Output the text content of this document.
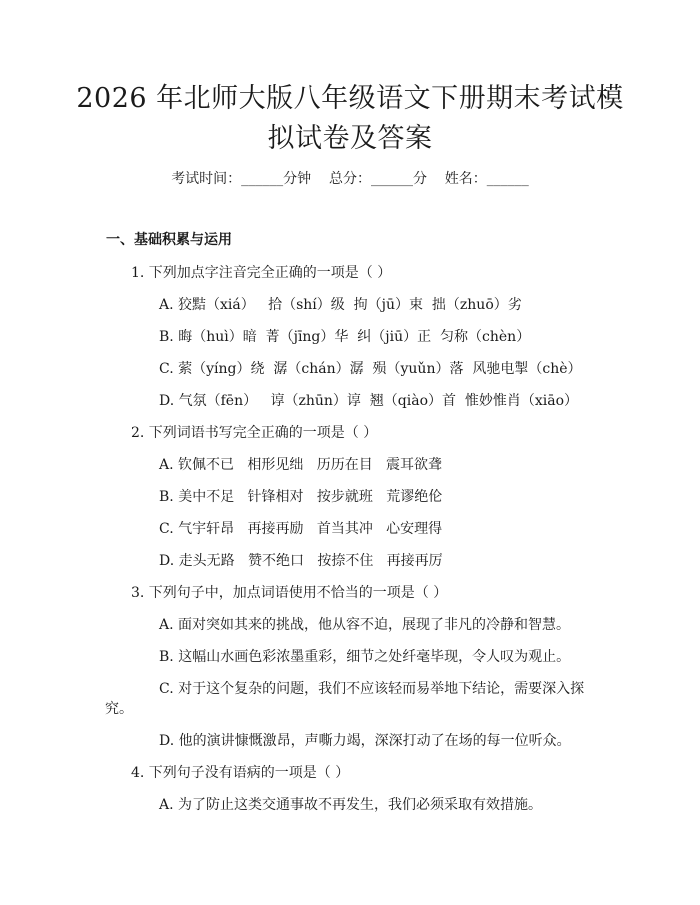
2026 年北师大版八年级语文下册期末考试模
拟试卷及答案
考试时间：______分钟    总分：______分    姓名：______
一、基础积累与运用
1. 下列加点字注音完全正确的一项是（ ）
A. 狡黠（xiá）   拾（shí）级  拘（jū）束  拙（zhuō）劣
B. 晦（huì）暗  菁（jīng）华  纠（jiū）正  匀称（chèn）
C. 萦（yíng）绕  潺（chán）潺  殒（yuǔn）落  风驰电掣（chè）
D. 气氛（fēn）   谆（zhūn）谆  翘（qiào）首  惟妙惟肖（xiāo）
2. 下列词语书写完全正确的一项是（ ）
A. 钦佩不已   相形见绌   历历在目   震耳欲聋
B. 美中不足   针锋相对   按步就班   荒谬绝伦
C. 气宇轩昂   再接再励   首当其冲   心安理得
D. 走头无路   赞不绝口   按捺不住   再接再厉
3. 下列句子中，加点词语使用不恰当的一项是（ ）
A. 面对突如其来的挑战，他从容不迫，展现了非凡的冷静和智慧。
B. 这幅山水画色彩浓墨重彩，细节之处纤毫毕现，令人叹为观止。
C. 对于这个复杂的问题，我们不应该轻而易举地下结论，需要深入探
究。
D. 他的演讲慷慨激昂，声嘶力竭，深深打动了在场的每一位听众。
4. 下列句子没有语病的一项是（ ）
A. 为了防止这类交通事故不再发生，我们必须采取有效措施。
